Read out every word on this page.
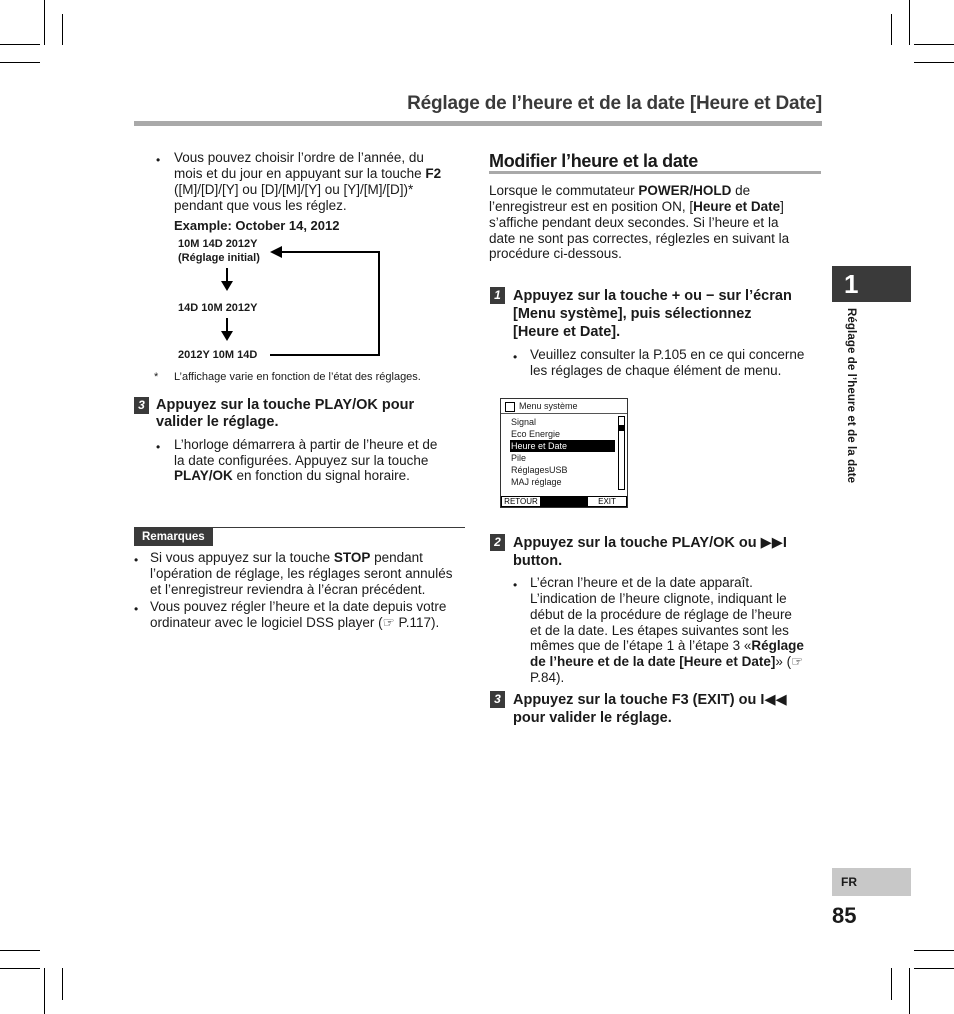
Réglage de l’heure et de la date [Heure et Date]
1
Réglage de l’heure et de la date
FR
85
• Vous pouvez choisir l’ordre de l’année, du
mois et du jour en appuyant sur la touche F2
([M]/[D]/[Y] ou [D]/[M]/[Y] ou [Y]/[M]/[D])*
pendant que vous les réglez.
Example: October 14, 2012
10M 14D 2012Y
(Réglage initial)
14D 10M 2012Y
2012Y 10M 14D
* L’affichage varie en fonction de l’état des réglages.
3 Appuyez sur la touche PLAY/OK pour
valider le réglage.
• L’horloge démarrera à partir de l’heure et de
la date configurées. Appuyez sur la touche
PLAY/OK en fonction du signal horaire.
Remarques
• Si vous appuyez sur la touche STOP pendant
l’opération de réglage, les réglages seront annulés
et l’enregistreur reviendra à l’écran précédent.
• Vous pouvez régler l’heure et la date depuis votre
ordinateur avec le logiciel DSS player (☞ P.117).
Modifier l’heure et la date
Lorsque le commutateur POWER/HOLD de
l’enregistreur est en position ON, [Heure et Date]
s’affiche pendant deux secondes. Si l’heure et la
date ne sont pas correctes, réglezles en suivant la
procédure ci-dessous.
1 Appuyez sur la touche + ou − sur l’écran
[Menu système], puis sélectionnez
[Heure et Date].
• Veuillez consulter la P.105 en ce qui concerne
les réglages de chaque élément de menu.
Menu système
Signal
Eco Energie
Heure et Date
Pile
RéglagesUSB
MAJ réglage
RETOUR	EXIT
2 Appuyez sur la touche PLAY/OK ou ▶▶I
button.
• L’écran l’heure et de la date apparaît.
L’indication de l’heure clignote, indiquant le
début de la procédure de réglage de l’heure
et de la date. Les étapes suivantes sont les
mêmes que de l’étape 1 à l’étape 3 «Réglage
de l’heure et de la date [Heure et Date]» (☞
P.84).
3 Appuyez sur la touche F3 (EXIT) ou I◀◀
pour valider le réglage.
